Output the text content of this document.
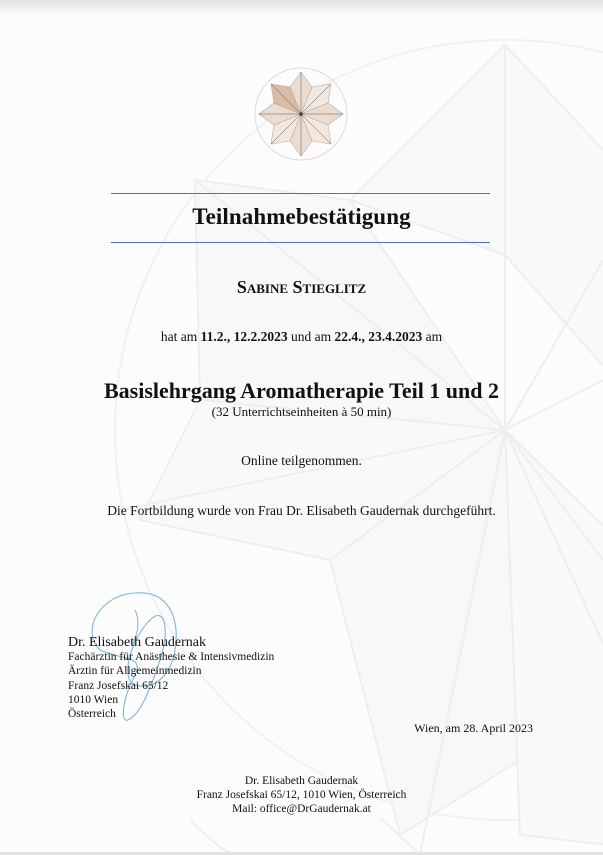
Teilnahmebestätigung
Sabine Stieglitz
hat am 11.2., 12.2.2023 und am 22.4., 23.4.2023 am
Basislehrgang Aromatherapie Teil 1 und 2
(32 Unterrichtseinheiten à 50 min)
Online teilgenommen.
Die Fortbildung wurde von Frau Dr. Elisabeth Gaudernak durchgeführt.
Dr. Elisabeth Gaudernak
Fachärztin für Anästhesie & Intensivmedizin
Ärztin für Allgemeinmedizin
Franz Josefskai 65/12
1010 Wien
Österreich
Wien, am 28. April 2023
Dr. Elisabeth Gaudernak
Franz Josefskai 65/12, 1010 Wien, Österreich
Mail: office@DrGaudernak.at
